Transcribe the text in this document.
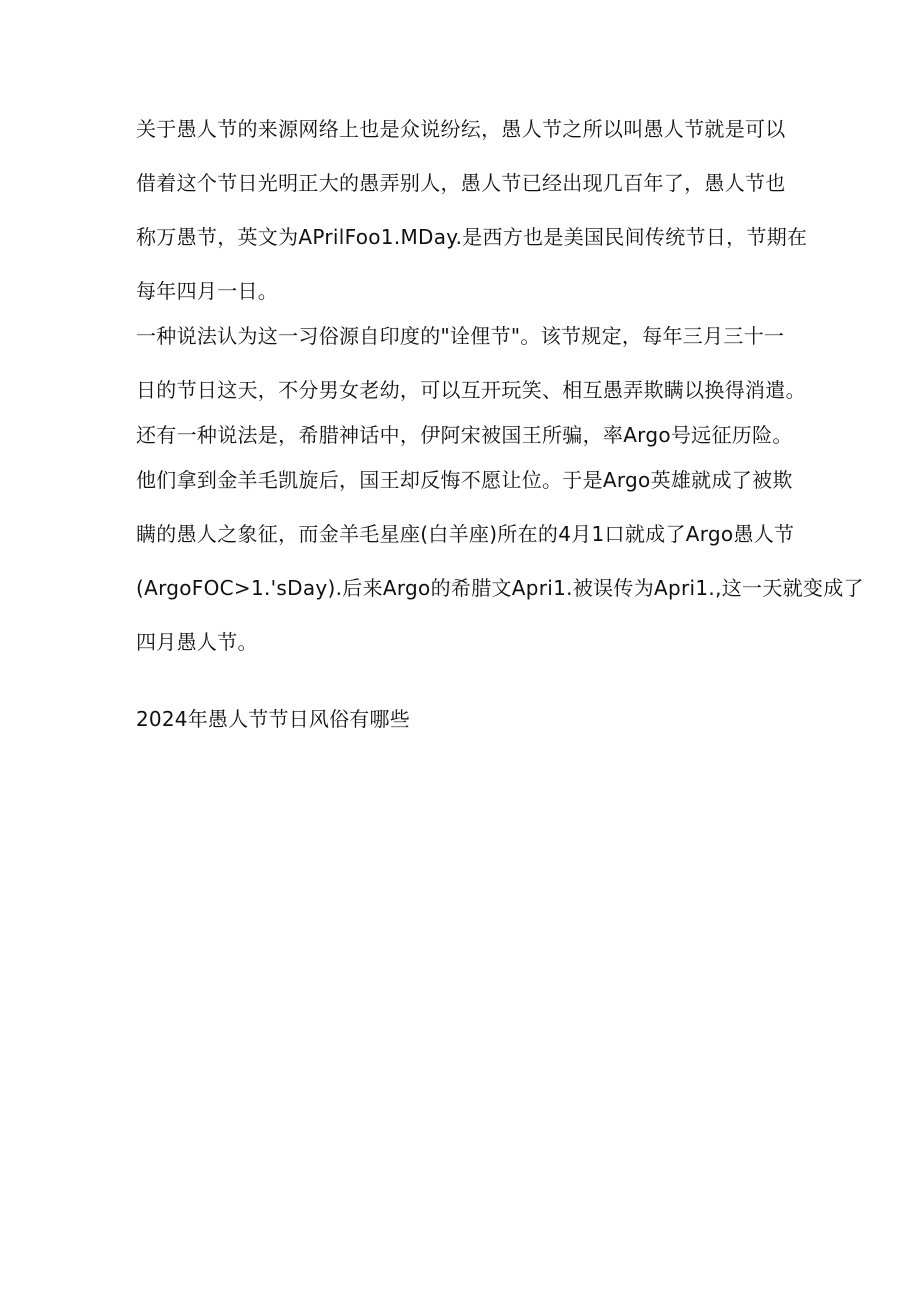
关于愚人节的来源网络上也是众说纷纭，愚人节之所以叫愚人节就是可以
借着这个节日光明正大的愚弄别人，愚人节已经出现几百年了，愚人节也
称万愚节，英文为APrilFoo1.MDay.是西方也是美国民间传统节日，节期在
每年四月一日。
一种说法认为这一习俗源自印度的"诠俚节"。该节规定，每年三月三十一
日的节日这天，不分男女老幼，可以互开玩笑、相互愚弄欺瞒以换得消遣。
还有一种说法是，希腊神话中，伊阿宋被国王所骗，率Argo号远征历险。
他们拿到金羊毛凯旋后，国王却反悔不愿让位。于是Argo英雄就成了被欺
瞒的愚人之象征，而金羊毛星座(白羊座)所在的4月1口就成了Argo愚人节
(ArgoFOC>1.'sDay).后来Argo的希腊文Apri1.被误传为Apri1.,这一天就变成了
四月愚人节。
2024年愚人节节日风俗有哪些
